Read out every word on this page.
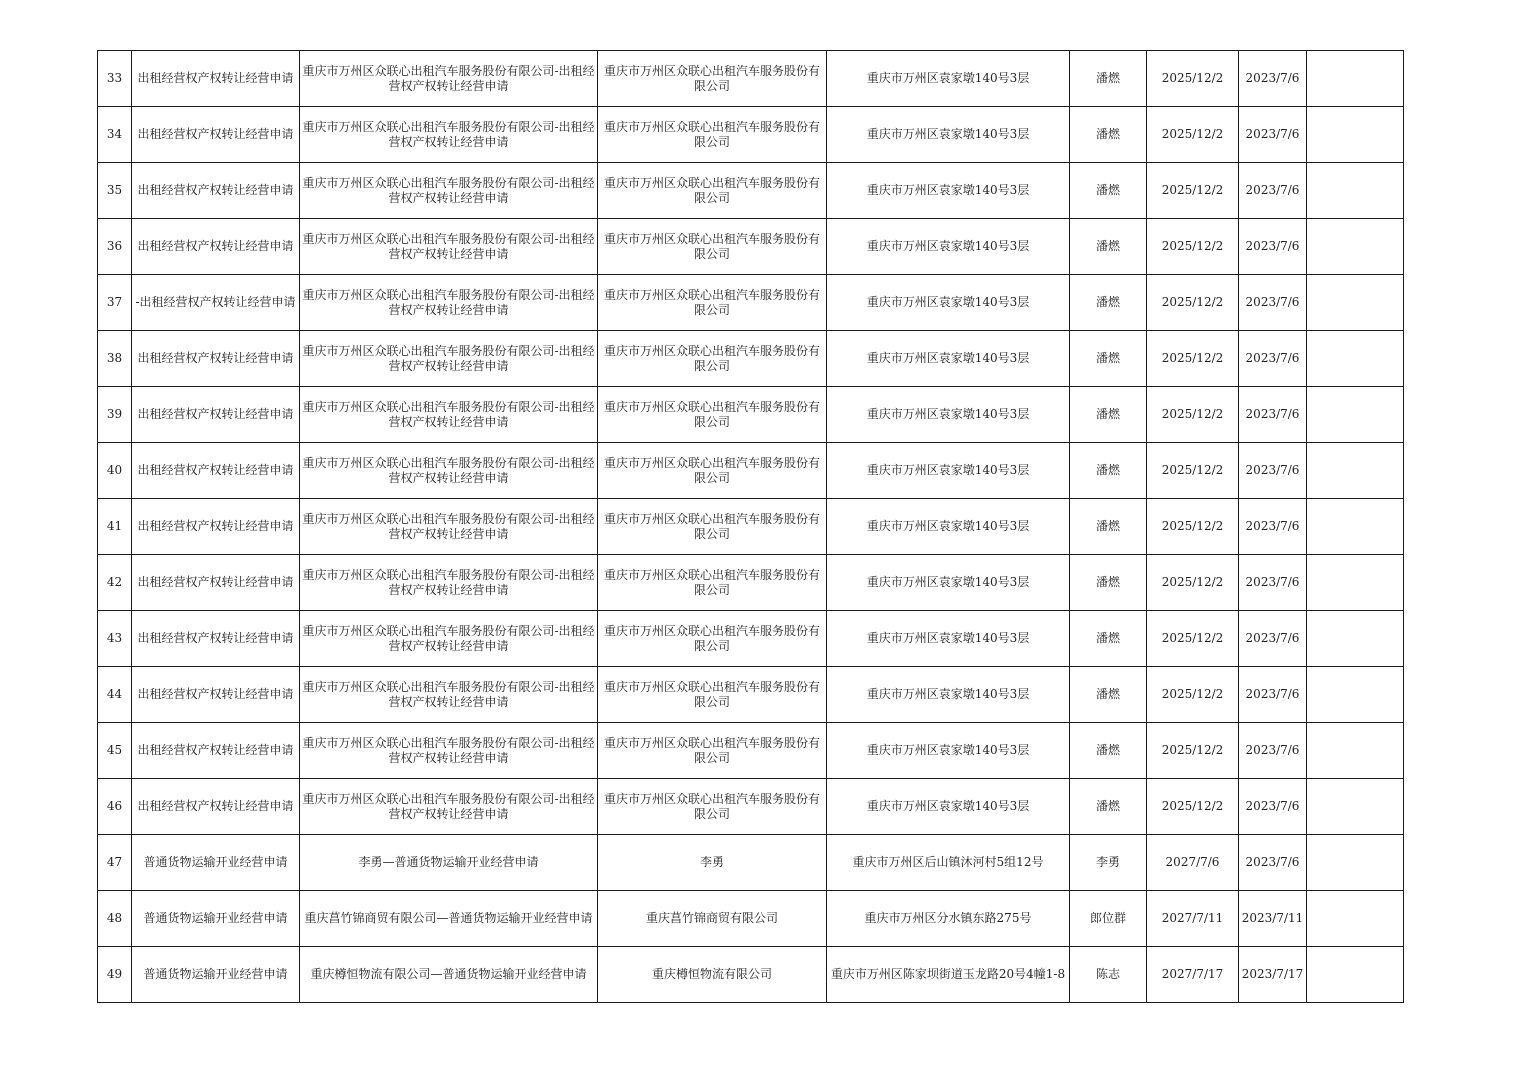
33	出租经营权产权转让经营申请	重庆市万州区众联心出租汽车服务股份有限公司-出租经营权产权转让经营申请	重庆市万州区众联心出租汽车服务股份有限公司	重庆市万州区袁家墩140号3层	潘燃	2025/12/2	2023/7/6	
34	出租经营权产权转让经营申请	重庆市万州区众联心出租汽车服务股份有限公司-出租经营权产权转让经营申请	重庆市万州区众联心出租汽车服务股份有限公司	重庆市万州区袁家墩140号3层	潘燃	2025/12/2	2023/7/6	
35	出租经营权产权转让经营申请	重庆市万州区众联心出租汽车服务股份有限公司-出租经营权产权转让经营申请	重庆市万州区众联心出租汽车服务股份有限公司	重庆市万州区袁家墩140号3层	潘燃	2025/12/2	2023/7/6	
36	出租经营权产权转让经营申请	重庆市万州区众联心出租汽车服务股份有限公司-出租经营权产权转让经营申请	重庆市万州区众联心出租汽车服务股份有限公司	重庆市万州区袁家墩140号3层	潘燃	2025/12/2	2023/7/6	
37	-出租经营权产权转让经营申请	重庆市万州区众联心出租汽车服务股份有限公司-出租经营权产权转让经营申请	重庆市万州区众联心出租汽车服务股份有限公司	重庆市万州区袁家墩140号3层	潘燃	2025/12/2	2023/7/6	
38	出租经营权产权转让经营申请	重庆市万州区众联心出租汽车服务股份有限公司-出租经营权产权转让经营申请	重庆市万州区众联心出租汽车服务股份有限公司	重庆市万州区袁家墩140号3层	潘燃	2025/12/2	2023/7/6	
39	出租经营权产权转让经营申请	重庆市万州区众联心出租汽车服务股份有限公司-出租经营权产权转让经营申请	重庆市万州区众联心出租汽车服务股份有限公司	重庆市万州区袁家墩140号3层	潘燃	2025/12/2	2023/7/6	
40	出租经营权产权转让经营申请	重庆市万州区众联心出租汽车服务股份有限公司-出租经营权产权转让经营申请	重庆市万州区众联心出租汽车服务股份有限公司	重庆市万州区袁家墩140号3层	潘燃	2025/12/2	2023/7/6	
41	出租经营权产权转让经营申请	重庆市万州区众联心出租汽车服务股份有限公司-出租经营权产权转让经营申请	重庆市万州区众联心出租汽车服务股份有限公司	重庆市万州区袁家墩140号3层	潘燃	2025/12/2	2023/7/6	
42	出租经营权产权转让经营申请	重庆市万州区众联心出租汽车服务股份有限公司-出租经营权产权转让经营申请	重庆市万州区众联心出租汽车服务股份有限公司	重庆市万州区袁家墩140号3层	潘燃	2025/12/2	2023/7/6	
43	出租经营权产权转让经营申请	重庆市万州区众联心出租汽车服务股份有限公司-出租经营权产权转让经营申请	重庆市万州区众联心出租汽车服务股份有限公司	重庆市万州区袁家墩140号3层	潘燃	2025/12/2	2023/7/6	
44	出租经营权产权转让经营申请	重庆市万州区众联心出租汽车服务股份有限公司-出租经营权产权转让经营申请	重庆市万州区众联心出租汽车服务股份有限公司	重庆市万州区袁家墩140号3层	潘燃	2025/12/2	2023/7/6	
45	出租经营权产权转让经营申请	重庆市万州区众联心出租汽车服务股份有限公司-出租经营权产权转让经营申请	重庆市万州区众联心出租汽车服务股份有限公司	重庆市万州区袁家墩140号3层	潘燃	2025/12/2	2023/7/6	
46	出租经营权产权转让经营申请	重庆市万州区众联心出租汽车服务股份有限公司-出租经营权产权转让经营申请	重庆市万州区众联心出租汽车服务股份有限公司	重庆市万州区袁家墩140号3层	潘燃	2025/12/2	2023/7/6	
47	普通货物运输开业经营申请	李勇—普通货物运输开业经营申请	李勇	重庆市万州区后山镇沐河村5组12号	李勇	2027/7/6	2023/7/6	
48	普通货物运输开业经营申请	重庆菖竹锦商贸有限公司—普通货物运输开业经营申请	重庆菖竹锦商贸有限公司	重庆市万州区分水镇东路275号	郎位群	2027/7/11	2023/7/11	
49	普通货物运输开业经营申请	重庆樽恒物流有限公司—普通货物运输开业经营申请	重庆樽恒物流有限公司	重庆市万州区陈家坝街道玉龙路20号4幢1-8	陈志	2027/7/17	2023/7/17	
